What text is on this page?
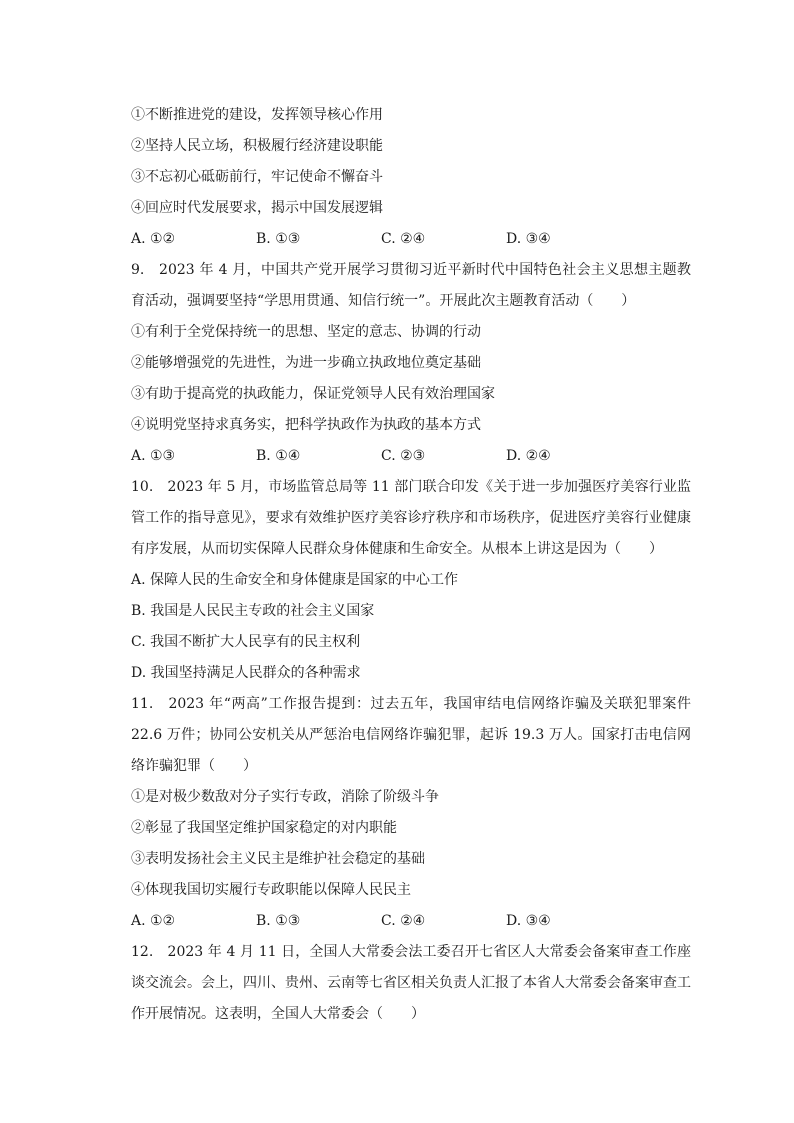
①不断推进党的建设，发挥领导核心作用
②坚持人民立场，积极履行经济建设职能
③不忘初心砥砺前行，牢记使命不懈奋斗
④回应时代发展要求，揭示中国发展逻辑
A. ①②	B. ①③	C. ②④	D. ③④
9.　2023 年 4 月，中国共产党开展学习贯彻习近平新时代中国特色社会主义思想主题教育活动，强调要坚持“学思用贯通、知信行统一”。开展此次主题教育活动（　　）
①有利于全党保持统一的思想、坚定的意志、协调的行动
②能够增强党的先进性，为进一步确立执政地位奠定基础
③有助于提高党的执政能力，保证党领导人民有效治理国家
④说明党坚持求真务实，把科学执政作为执政的基本方式
A. ①③	B. ①④	C. ②③	D. ②④
10.　2023 年 5 月，市场监管总局等 11 部门联合印发《关于进一步加强医疗美容行业监管工作的指导意见》，要求有效维护医疗美容诊疗秩序和市场秩序，促进医疗美容行业健康有序发展，从而切实保障人民群众身体健康和生命安全。从根本上讲这是因为（　　）
A. 保障人民的生命安全和身体健康是国家的中心工作
B. 我国是人民民主专政的社会主义国家
C. 我国不断扩大人民享有的民主权利
D. 我国坚持满足人民群众的各种需求
11.　2023 年“两高”工作报告提到：过去五年，我国审结电信网络诈骗及关联犯罪案件 22.6 万件；协同公安机关从严惩治电信网络诈骗犯罪，起诉 19.3 万人。国家打击电信网络诈骗犯罪（　　）
①是对极少数敌对分子实行专政，消除了阶级斗争
②彰显了我国坚定维护国家稳定的对内职能
③表明发扬社会主义民主是维护社会稳定的基础
④体现我国切实履行专政职能以保障人民民主
A. ①②	B. ①③	C. ②④	D. ③④
12.　2023 年 4 月 11 日，全国人大常委会法工委召开七省区人大常委会备案审查工作座谈交流会。会上，四川、贵州、云南等七省区相关负责人汇报了本省人大常委会备案审查工作开展情况。这表明，全国人大常委会（　　）
